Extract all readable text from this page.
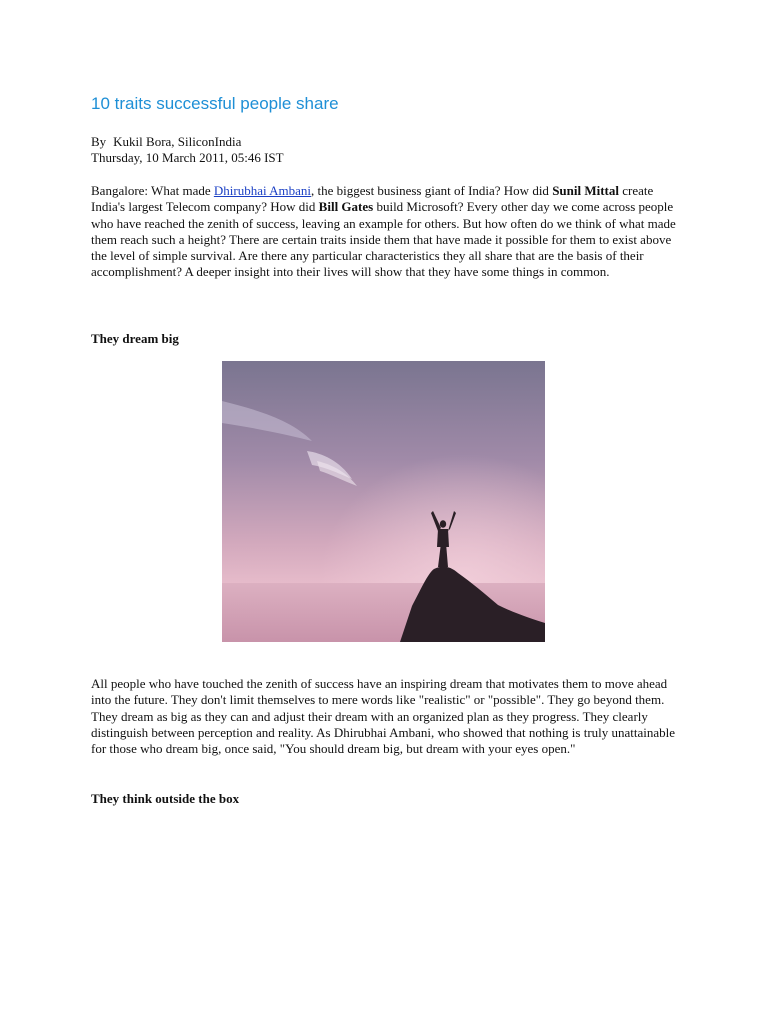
10 traits successful people share
By Kukil Bora, SiliconIndia
Thursday, 10 March 2011, 05:46 IST

Bangalore: What made Dhirubhai Ambani, the biggest business giant of India? How did Sunil Mittal create India's largest Telecom company? How did Bill Gates build Microsoft? Every other day we come across people who have reached the zenith of success, leaving an example for others. But how often do we think of what made them reach such a height? There are certain traits inside them that have made it possible for them to exist above the level of simple survival. Are there any particular characteristics they all share that are the basis of their accomplishment? A deeper insight into their lives will show that they have some things in common.

They dream big

All people who have touched the zenith of success have an inspiring dream that motivates them to move ahead into the future. They don't limit themselves to mere words like "realistic" or "possible". They go beyond them. They dream as big as they can and adjust their dream with an organized plan as they progress. They clearly distinguish between perception and reality. As Dhirubhai Ambani, who showed that nothing is truly unattainable for those who dream big, once said, "You should dream big, but dream with your eyes open."

They think outside the box
